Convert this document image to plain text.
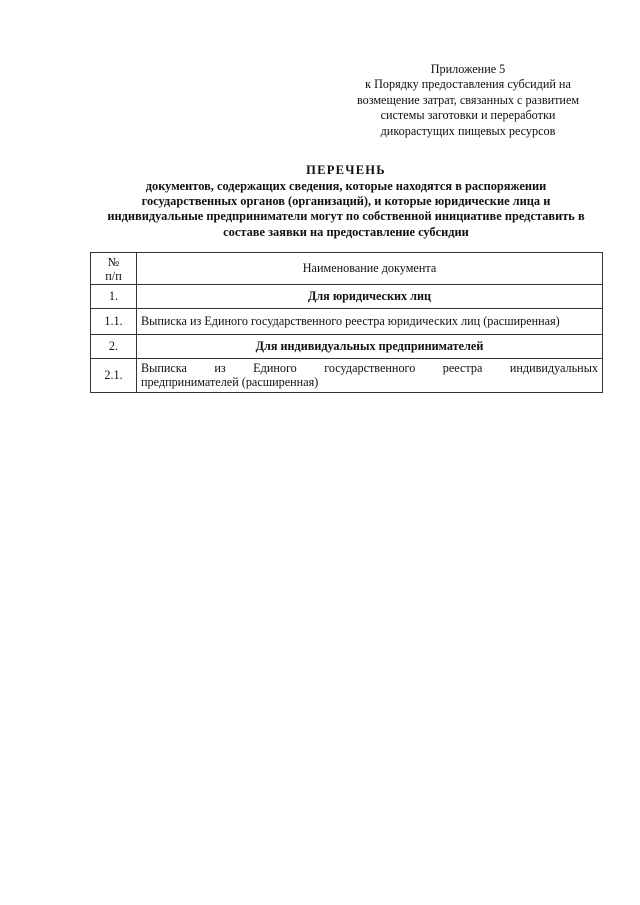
Приложение 5
к Порядку предоставления субсидий на
возмещение затрат, связанных с развитием
системы заготовки и переработки
дикорастущих пищевых ресурсов
ПЕРЕЧЕНЬ
документов, содержащих сведения, которые находятся в распоряжении
государственных органов (организаций), и которые юридические лица и
индивидуальные предприниматели могут по собственной инициативе представить в
составе заявки на предоставление субсидии
№
п/п	Наименование документа
1.	Для юридических лиц
1.1.	Выписка из Единого государственного реестра юридических лиц (расширенная)
2.	Для индивидуальных предпринимателей
2.1.	Выписка из Единого государственного реестра индивидуальных
предпринимателей (расширенная)
